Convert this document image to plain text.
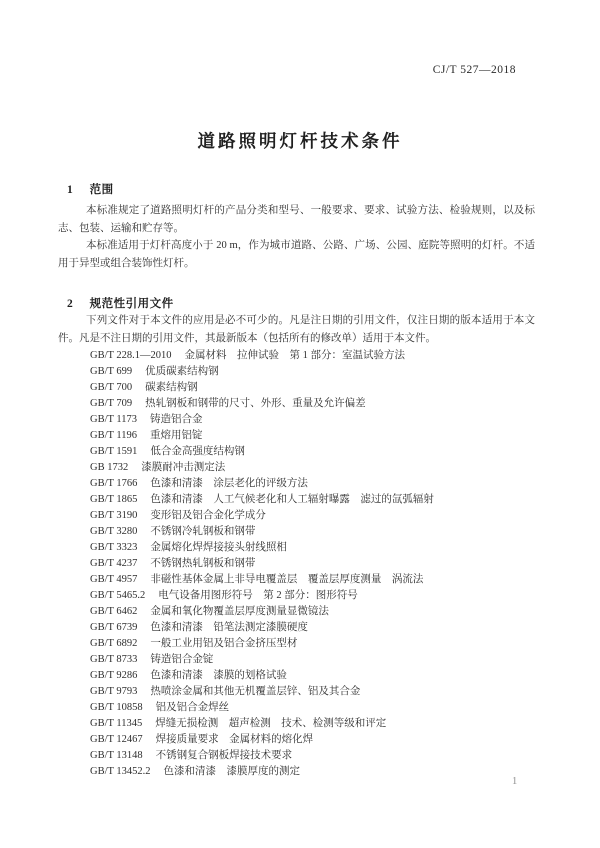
CJ/T 527—2018
道路照明灯杆技术条件
1 范围

本标准规定了道路照明灯杆的产品分类和型号、一般要求、要求、试验方法、检验规则，以及标志、包装、运输和贮存等。

本标准适用于灯杆高度小于 20 m，作为城市道路、公路、广场、公园、庭院等照明的灯杆。不适用于异型或组合装饰性灯杆。

2 规范性引用文件

下列文件对于本文件的应用是必不可少的。凡是注日期的引用文件，仅注日期的版本适用于本文件。凡是不注日期的引用文件，其最新版本（包括所有的修改单）适用于本文件。

GB/T 228.1—2010 金属材料　拉伸试验　第 1 部分：室温试验方法
GB/T 699 优质碳素结构钢
GB/T 700 碳素结构钢
GB/T 709 热轧钢板和钢带的尺寸、外形、重量及允许偏差
GB/T 1173 铸造铝合金
GB/T 1196 重熔用铝锭
GB/T 1591 低合金高强度结构钢
GB 1732 漆膜耐冲击测定法
GB/T 1766 色漆和清漆　涂层老化的评级方法
GB/T 1865 色漆和清漆　人工气候老化和人工辐射曝露　滤过的氙弧辐射
GB/T 3190 变形铝及铝合金化学成分
GB/T 3280 不锈钢冷轧钢板和钢带
GB/T 3323 金属熔化焊焊接接头射线照相
GB/T 4237 不锈钢热轧钢板和钢带
GB/T 4957 非磁性基体金属上非导电覆盖层　覆盖层厚度测量　涡流法
GB/T 5465.2 电气设备用图形符号　第 2 部分：图形符号
GB/T 6462 金属和氧化物覆盖层厚度测量显微镜法
GB/T 6739 色漆和清漆　铅笔法测定漆膜硬度
GB/T 6892 一般工业用铝及铝合金挤压型材
GB/T 8733 铸造铝合金锭
GB/T 9286 色漆和清漆　漆膜的划格试验
GB/T 9793 热喷涂金属和其他无机覆盖层锌、铝及其合金
GB/T 10858 铝及铝合金焊丝
GB/T 11345 焊缝无损检测　超声检测　技术、检测等级和评定
GB/T 12467 焊接质量要求　金属材料的熔化焊
GB/T 13148 不锈钢复合钢板焊接技术要求
GB/T 13452.2 色漆和清漆　漆膜厚度的测定
1
